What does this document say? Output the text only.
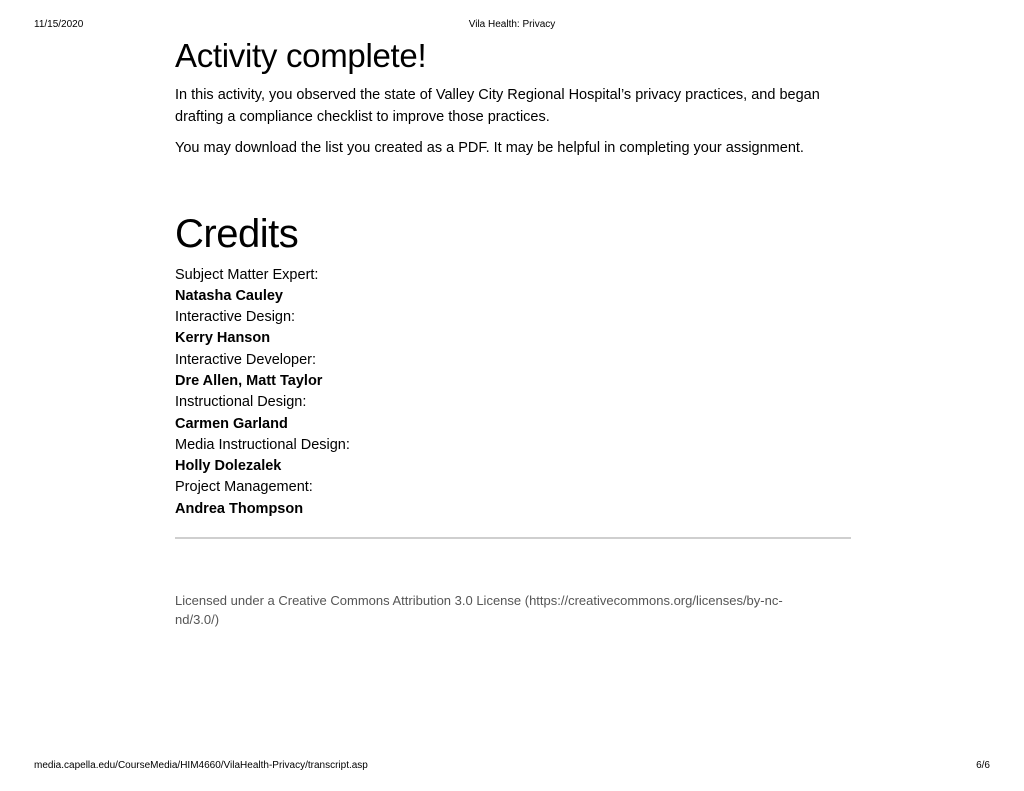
11/15/2020	Vila Health: Privacy
Activity complete!

In this activity, you observed the state of Valley City Regional Hospital’s privacy practices, and began drafting a compliance checklist to improve those practices.

You may download the list you created as a PDF. It may be helpful in completing your assignment.

Credits
Subject Matter Expert:
Natasha Cauley
Interactive Design:
Kerry Hanson
Interactive Developer:
Dre Allen, Matt Taylor
Instructional Design:
Carmen Garland
Media Instructional Design:
Holly Dolezalek
Project Management:
Andrea Thompson
Licensed under a Creative Commons Attribution 3.0 License (https://creativecommons.org/licenses/by-nc-nd/3.0/)
media.capella.edu/CourseMedia/HIM4660/VilaHealth-Privacy/transcript.asp	6/6
